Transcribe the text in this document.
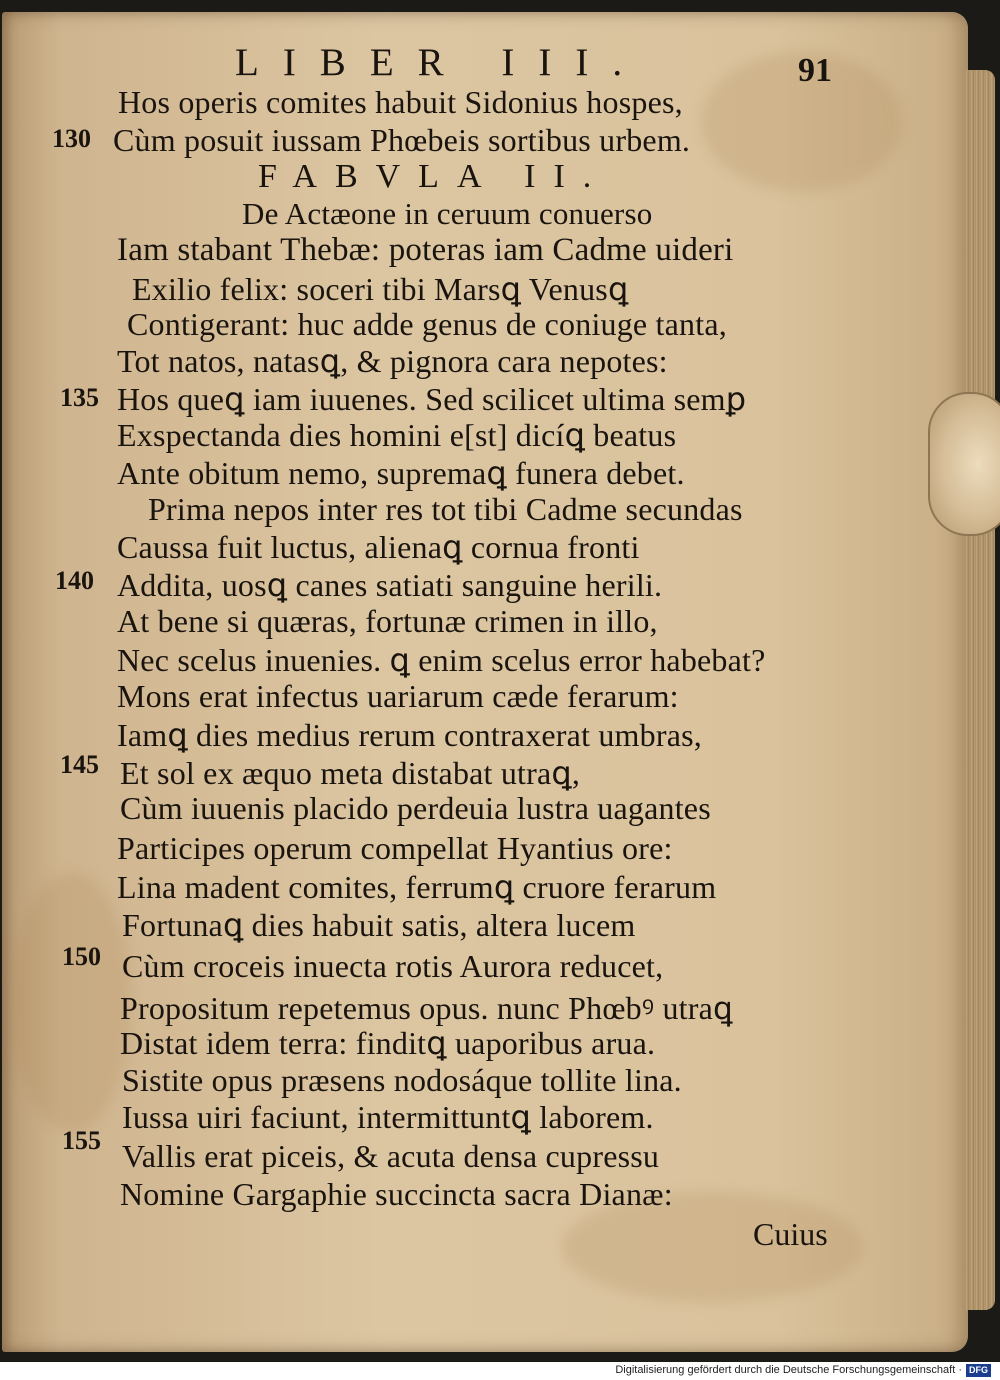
LIBER III.	91
FABVLA II.
Hos operis comites habuit Sidonius hospes,
Cùm posuit iussam Phœbeis sortibus urbem.
130
De Actæone in ceruum conuerso
Iam stabant Thebæ: poteras iam Cadme uideri
Exilio felix: soceri tibi Marsꝗ Venusꝗ
Contigerant: huc adde genus de coniuge tanta,
Tot natos, natasꝗ, & pignora cara nepotes:
Hos queꝗ iam iuuenes. Sed scilicet ultima semꝑ
135
Exspectanda dies homini e[st] dicíꝗ beatus
Ante obitum nemo, supremaꝗ funera debet.
Prima nepos inter res tot tibi Cadme secundas
Caussa fuit luctus, alienaꝗ cornua fronti
Addita, uosꝗ canes satiati sanguine herili.
140
At bene si quæras, fortunæ crimen in illo,
Nec scelus inuenies. ꝗ enim scelus error habebat?
Mons erat infectus uariarum cæde ferarum:
Iamꝗ dies medius rerum contraxerat umbras,
Et sol ex æquo meta distabat utraꝗ,
145
Cùm iuuenis placido perdeuia lustra uagantes
Participes operum compellat Hyantius ore:
Lina madent comites, ferrumꝗ cruore ferarum
Fortunaꝗ dies habuit satis, altera lucem
Cùm croceis inuecta rotis Aurora reducet,
150
Propositum repetemus opus. nunc Phœbꝰ utraꝗ
Distat idem terra: finditꝗ uaporibus arua.
Sistite opus præsens nodosáque tollite lina.
Iussa uiri faciunt, intermittuntꝗ laborem.
Vallis erat piceis, & acuta densa cupressu
155
Nomine Gargaphie succincta sacra Dianæ:
Cuius
Digitalisierung gefördert durch die Deutsche Forschungsgemeinschaft · DFG
